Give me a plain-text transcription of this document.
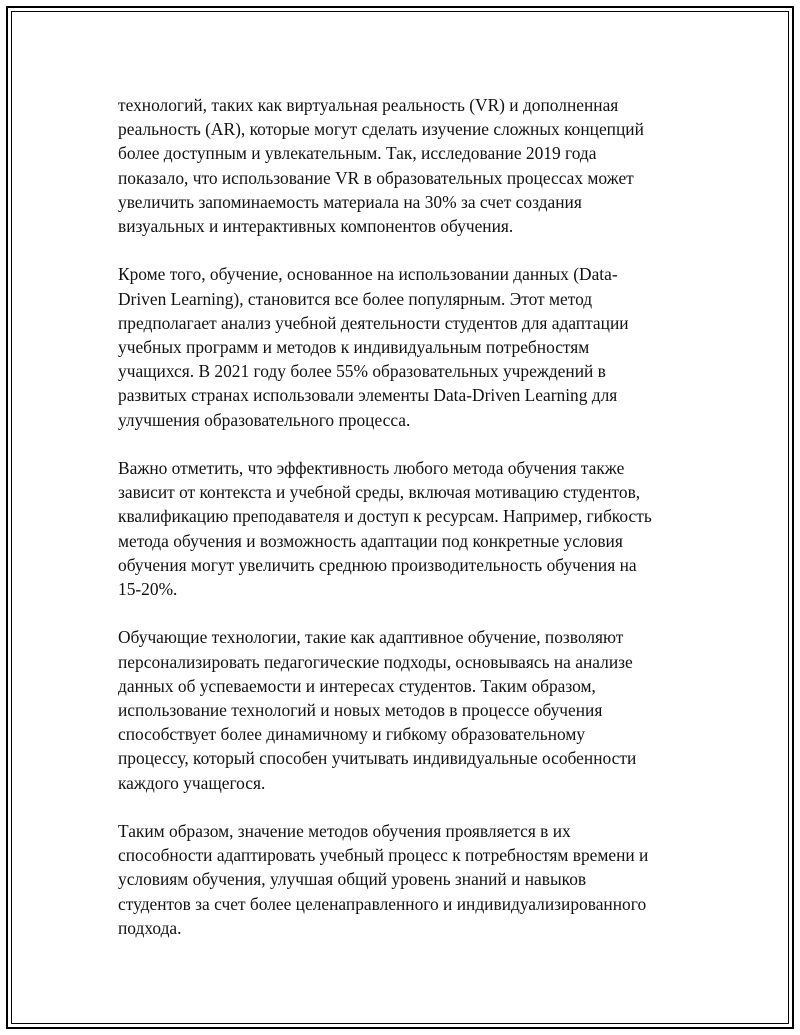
технологий, таких как виртуальная реальность (VR) и дополненная
реальность (AR), которые могут сделать изучение сложных концепций
более доступным и увлекательным. Так, исследование 2019 года
показало, что использование VR в образовательных процессах может
увеличить запоминаемость материала на 30% за счет создания
визуальных и интерактивных компонентов обучения.

Кроме того, обучение, основанное на использовании данных (Data-
Driven Learning), становится все более популярным. Этот метод
предполагает анализ учебной деятельности студентов для адаптации
учебных программ и методов к индивидуальным потребностям
учащихся. В 2021 году более 55% образовательных учреждений в
развитых странах использовали элементы Data-Driven Learning для
улучшения образовательного процесса.

Важно отметить, что эффективность любого метода обучения также
зависит от контекста и учебной среды, включая мотивацию студентов,
квалификацию преподавателя и доступ к ресурсам. Например, гибкость
метода обучения и возможность адаптации под конкретные условия
обучения могут увеличить среднюю производительность обучения на
15-20%.

Обучающие технологии, такие как адаптивное обучение, позволяют
персонализировать педагогические подходы, основываясь на анализе
данных об успеваемости и интересах студентов. Таким образом,
использование технологий и новых методов в процессе обучения
способствует более динамичному и гибкому образовательному
процессу, который способен учитывать индивидуальные особенности
каждого учащегося.

Таким образом, значение методов обучения проявляется в их
способности адаптировать учебный процесс к потребностям времени и
условиям обучения, улучшая общий уровень знаний и навыков
студентов за счет более целенаправленного и индивидуализированного
подхода.
